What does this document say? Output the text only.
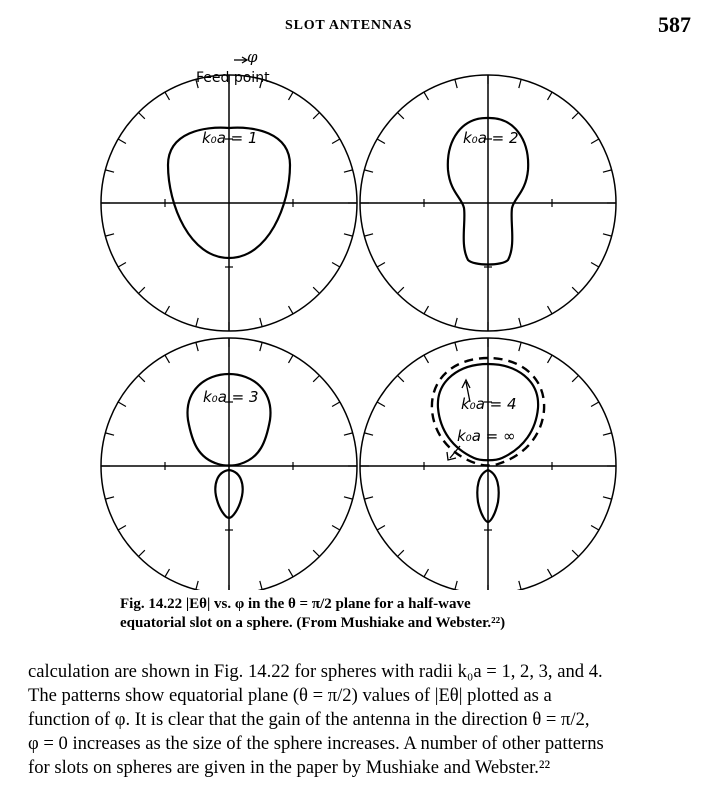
SLOT ANTENNAS	587
φ
Feed point
k₀a = 1	k₀a = 2
k₀a = 3	k₀a = 4
k₀a = ∞
Fig. 14.22 |Eθ| vs. φ in the θ = π/2 plane for a half-wave
equatorial slot on a sphere. (From Mushiake and Webster.²²)
calculation are shown in Fig. 14.22 for spheres with radii k₀a = 1, 2, 3, and 4.
The patterns show equatorial plane (θ = π/2) values of |Eθ| plotted as a
function of φ. It is clear that the gain of the antenna in the direction θ = π/2,
φ = 0 increases as the size of the sphere increases. A number of other patterns
for slots on spheres are given in the paper by Mushiake and Webster.²²
